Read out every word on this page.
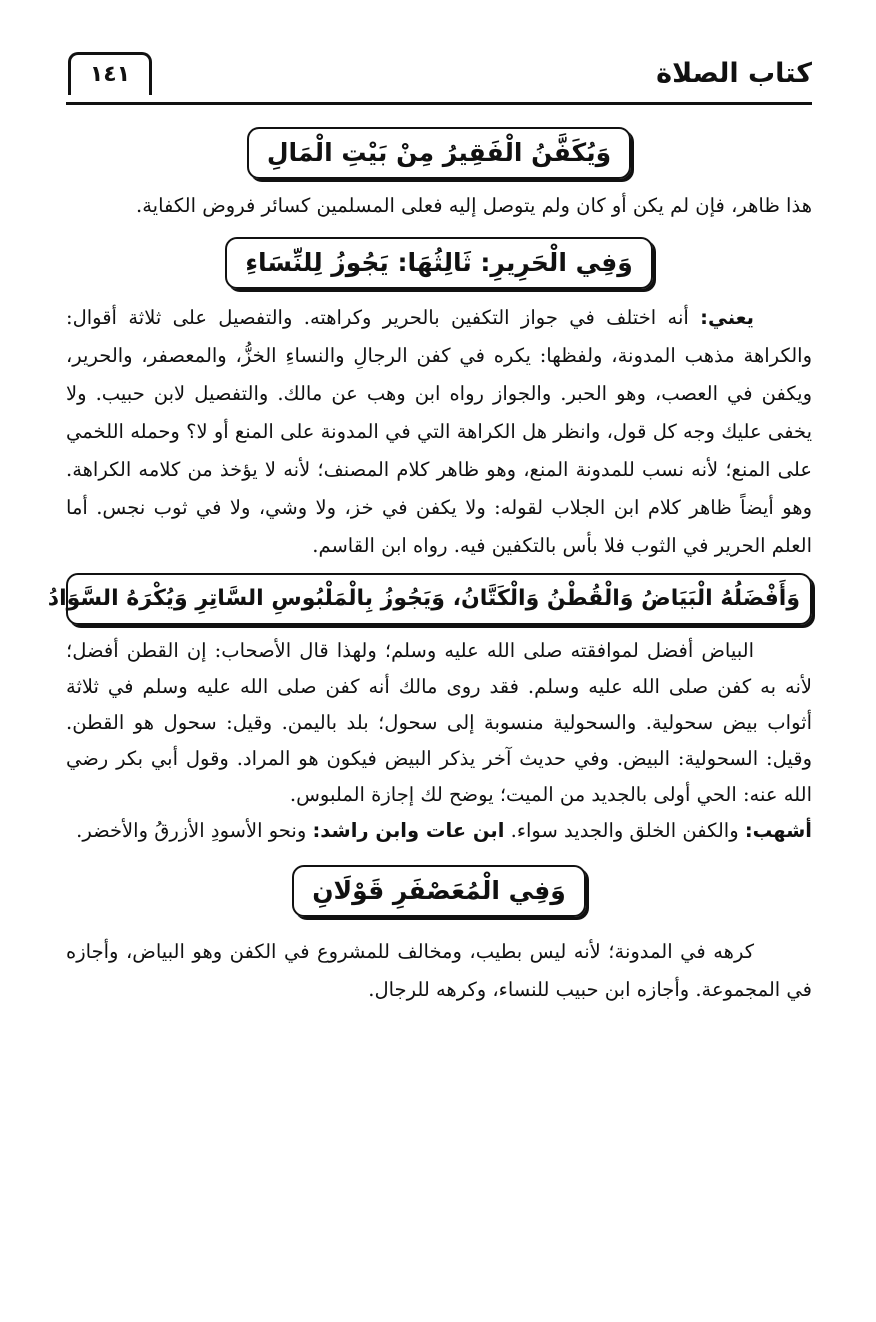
كتاب الصلاة
١٤١
وَيُكَفَّنُ الْفَقِيرُ مِنْ بَيْتِ الْمَالِ

هذا ظاهر، فإن لم يكن أو كان ولم يتوصل إليه فعلى المسلمين كسائر فروض الكفاية.

وَفِي الْحَرِيرِ: ثَالِثُهَا: يَجُوزُ لِلنِّسَاءِ

يعني: أنه اختلف في جواز التكفين بالحرير وكراهته. والتفصيل على ثلاثة أقوال: والكراهة مذهب المدونة، ولفظها: يكره في كفن الرجالِ والنساءِ الخزُّ، والمعصفر، والحرير، ويكفن في العصب، وهو الحبر. والجواز رواه ابن وهب عن مالك. والتفصيل لابن حبيب. ولا يخفى عليك وجه كل قول، وانظر هل الكراهة التي في المدونة على المنع أو لا؟ وحمله اللخمي على المنع؛ لأنه نسب للمدونة المنع، وهو ظاهر كلام المصنف؛ لأنه لا يؤخذ من كلامه الكراهة. وهو أيضاً ظاهر كلام ابن الجلاب لقوله: ولا يكفن في خز، ولا وشي، ولا في ثوب نجس. أما العلم الحرير في الثوب فلا بأس بالتكفين فيه. رواه ابن القاسم.

وَأَفْضَلُهُ الْبَيَاضُ وَالْقُطْنُ وَالْكَتَّانُ، وَيَجُوزُ بِالْمَلْبُوسِ السَّاتِرِ وَيُكْرَهُ السَّوَادُ

البياض أفضل لموافقته صلى الله عليه وسلم؛ ولهذا قال الأصحاب: إن القطن أفضل؛ لأنه به كفن صلى الله عليه وسلم. فقد روى مالك أنه كفن صلى الله عليه وسلم في ثلاثة أثواب بيض سحولية. والسحولية منسوبة إلى سحول؛ بلد باليمن. وقيل: سحول هو القطن. وقيل: السحولية: البيض. وفي حديث آخر يذكر البيض فيكون هو المراد. وقول أبي بكر رضي الله عنه: الحي أولى بالجديد من الميت؛ يوضح لك إجازة الملبوس.

أشهب: والكفن الخلق والجديد سواء. ابن عات وابن راشد: ونحو الأسودِ الأزرقُ والأخضر.

وَفِي الْمُعَصْفَرِ قَوْلَانِ

كرهه في المدونة؛ لأنه ليس بطيب، ومخالف للمشروع في الكفن وهو البياض، وأجازه في المجموعة. وأجازه ابن حبيب للنساء، وكرهه للرجال.
